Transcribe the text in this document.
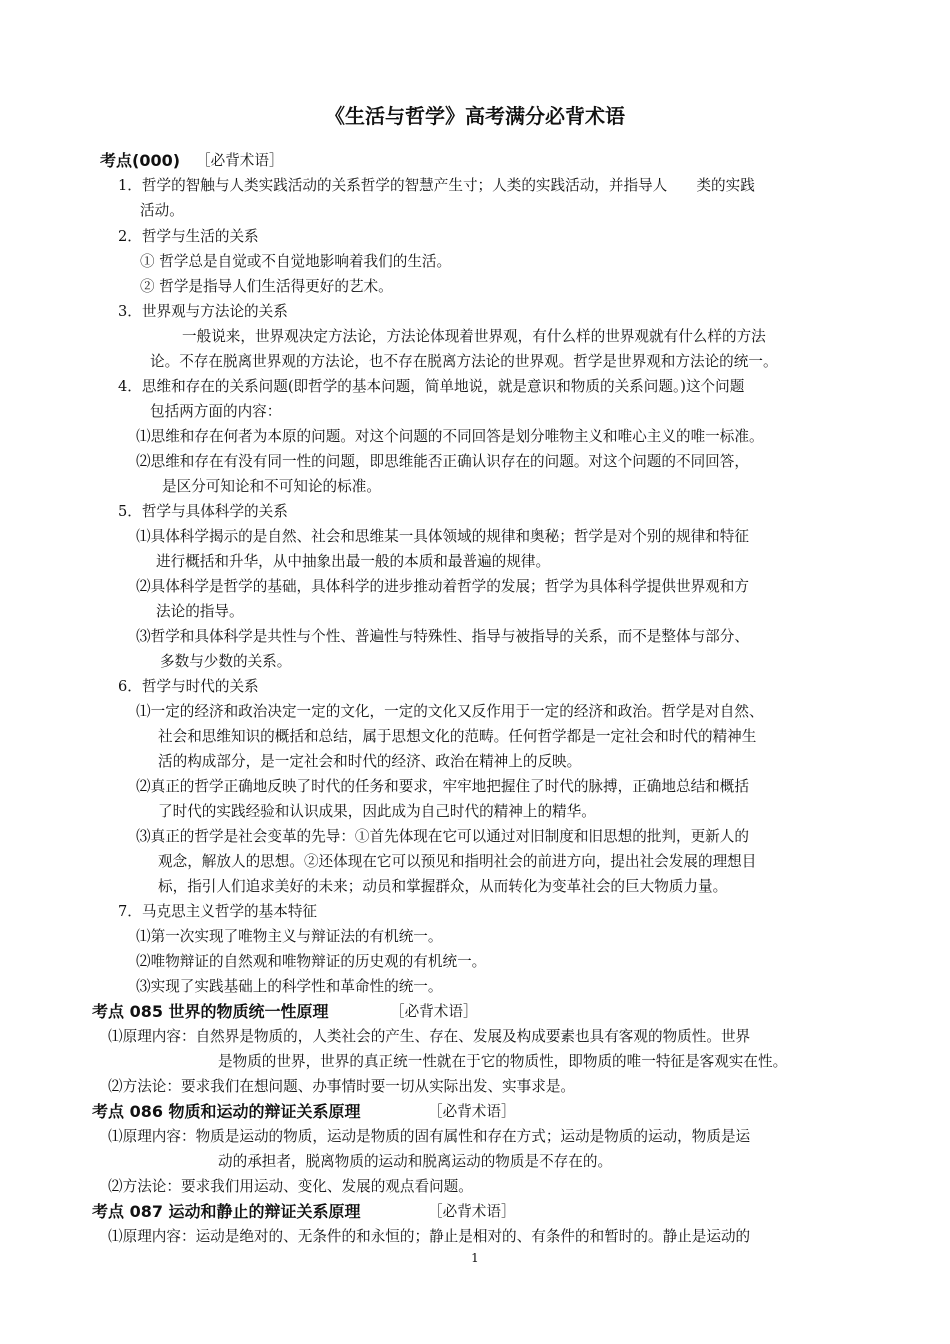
《生活与哲学》高考满分必背术语
考点(000) ［必背术语］
1．哲学的智触与人类实践活动的关系哲学的智慧产生寸；人类的实践活动，并指导人　　类的实践
活动。
2．哲学与生活的关系
① 哲学总是自觉或不自觉地影响着我们的生活。
② 哲学是指导人们生活得更好的艺术。
3．世界观与方法论的关系
一般说来，世界观决定方法论，方法论体现着世界观，有什么样的世界观就有什么样的方法
论。不存在脱离世界观的方法论，也不存在脱离方法论的世界观。哲学是世界观和方法论的统一。
4．思维和存在的关系问题(即哲学的基本问题，简单地说，就是意识和物质的关系问题。)这个问题
包括两方面的内容：
⑴思维和存在何者为本原的问题。对这个问题的不同回答是划分唯物主义和唯心主义的唯一标准。
⑵思维和存在有没有同一性的问题，即思维能否正确认识存在的问题。对这个问题的不同回答，
是区分可知论和不可知论的标准。
5．哲学与具体科学的关系
⑴具体科学揭示的是自然、社会和思维某一具体领域的规律和奥秘；哲学是对个别的规律和特征
进行概括和升华，从中抽象出最一般的本质和最普遍的规律。
⑵具体科学是哲学的基础，具体科学的进步推动着哲学的发展；哲学为具体科学提供世界观和方
法论的指导。
⑶哲学和具体科学是共性与个性、普遍性与特殊性、指导与被指导的关系，而不是整体与部分、
多数与少数的关系。
6．哲学与时代的关系
⑴一定的经济和政治决定一定的文化，一定的文化又反作用于一定的经济和政治。哲学是对自然、
社会和思维知识的概括和总结，属于思想文化的范畴。任何哲学都是一定社会和时代的精神生
活的构成部分，是一定社会和时代的经济、政治在精神上的反映。
⑵真正的哲学正确地反映了时代的任务和要求，牢牢地把握住了时代的脉搏，正确地总结和概括
了时代的实践经验和认识成果，因此成为自己时代的精神上的精华。
⑶真正的哲学是社会变革的先导：①首先体现在它可以通过对旧制度和旧思想的批判，更新人的
观念，解放人的思想。②还体现在它可以预见和指明社会的前进方向，提出社会发展的理想目
标，指引人们追求美好的未来；动员和掌握群众，从而转化为变革社会的巨大物质力量。
7．马克思主义哲学的基本特征
⑴第一次实现了唯物主义与辩证法的有机统一。
⑵唯物辩证的自然观和唯物辩证的历史观的有机统一。
⑶实现了实践基础上的科学性和革命性的统一。
考点 085 世界的物质统一性原理	［必背术语］
⑴原理内容：自然界是物质的，人类社会的产生、存在、发展及构成要素也具有客观的物质性。世界
是物质的世界，世界的真正统一性就在于它的物质性，即物质的唯一特征是客观实在性。
⑵方法论：要求我们在想问题、办事情时要一切从实际出发、实事求是。
考点 086 物质和运动的辩证关系原理	［必背术语］
⑴原理内容：物质是运动的物质，运动是物质的固有属性和存在方式；运动是物质的运动，物质是运
动的承担者，脱离物质的运动和脱离运动的物质是不存在的。
⑵方法论：要求我们用运动、变化、发展的观点看问题。
考点 087 运动和静止的辩证关系原理	［必背术语］
⑴原理内容：运动是绝对的、无条件的和永恒的；静止是相对的、有条件的和暂时的。静止是运动的
1
